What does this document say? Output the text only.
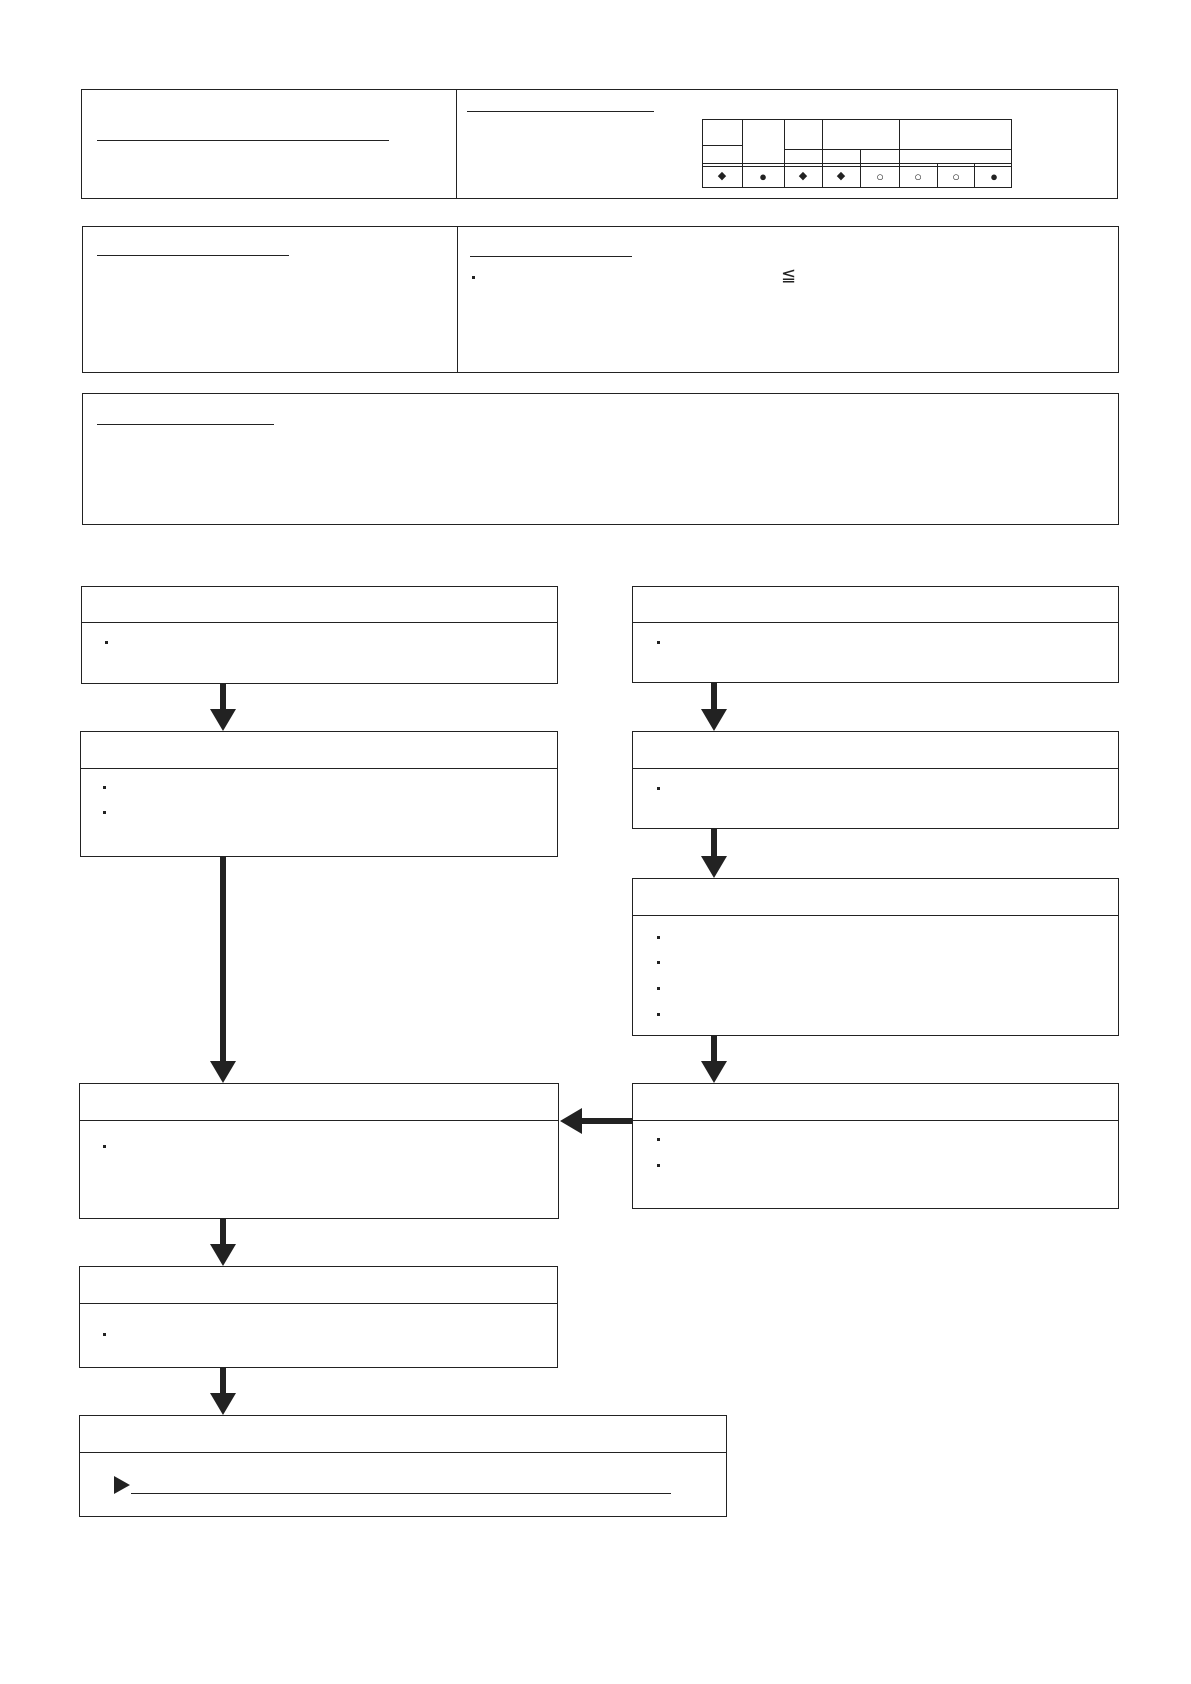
◆	●	◆	◆ ○ ○ ○ ●
≦
